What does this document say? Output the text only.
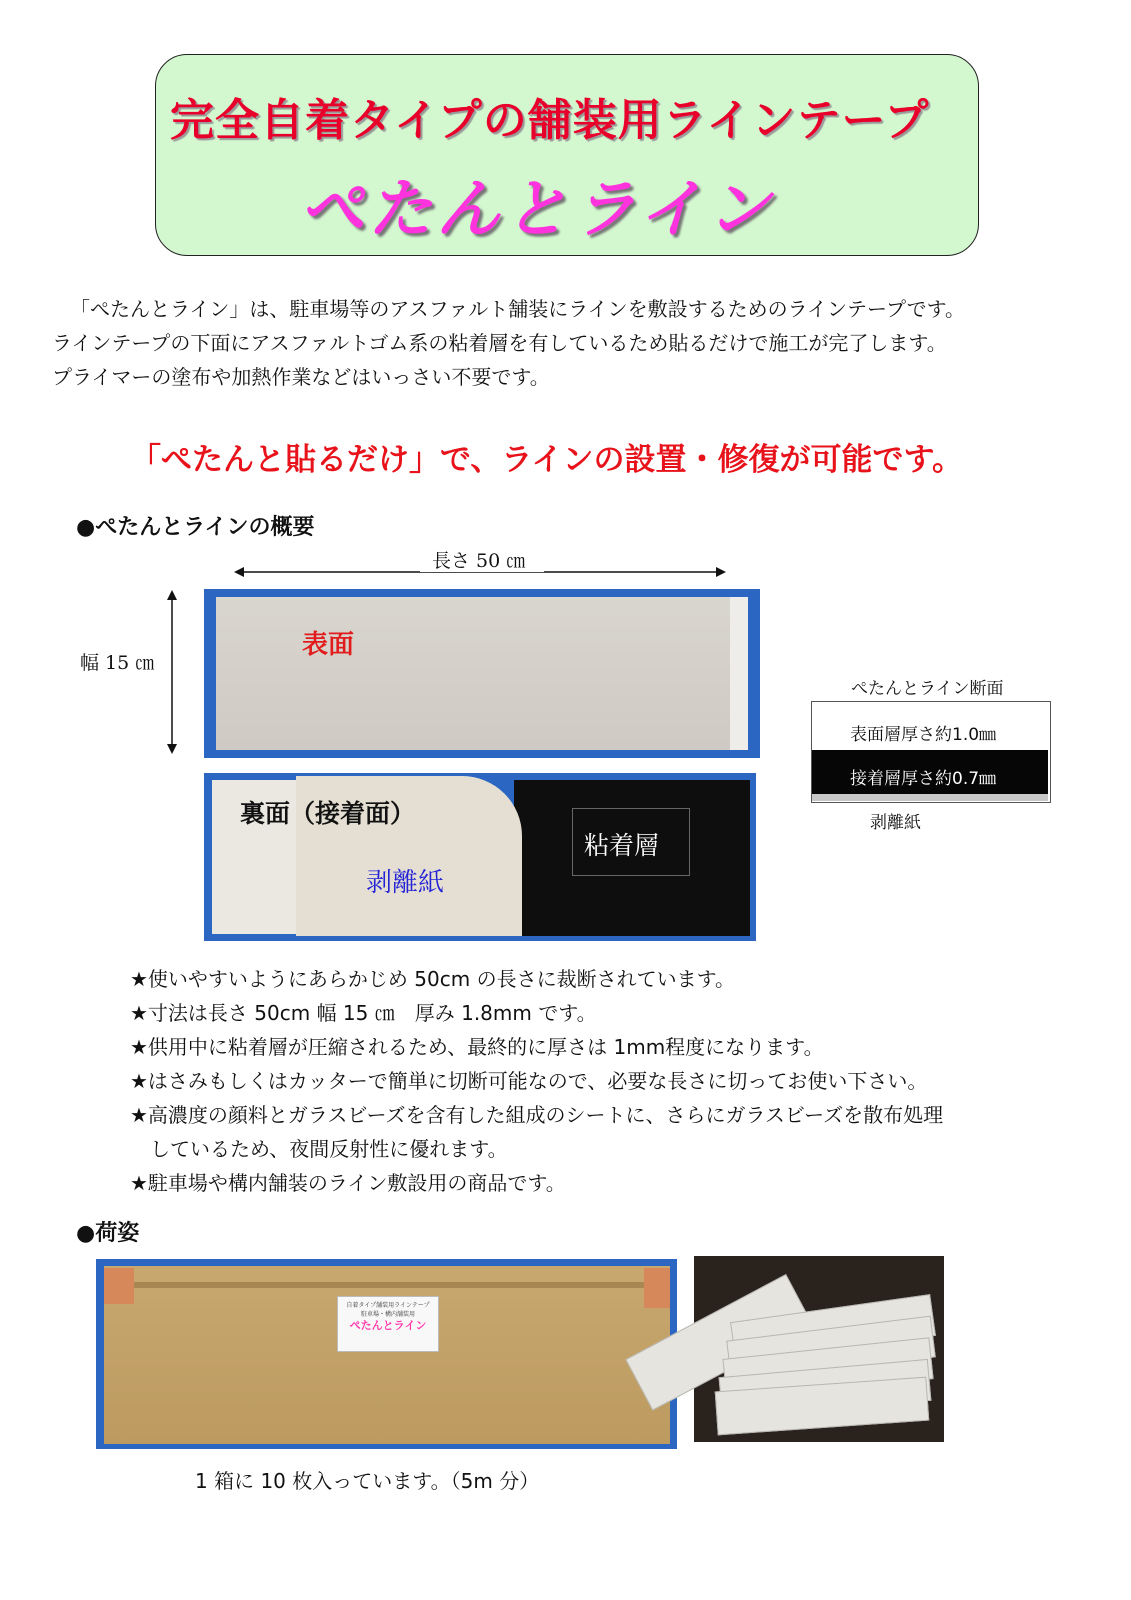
完全自着タイプの舗装用ラインテープ
ぺたんとライン
「ぺたんとライン」は、駐車場等のアスファルト舗装にラインを敷設するためのラインテープです。
ラインテープの下面にアスファルトゴム系の粘着層を有しているため貼るだけで施工が完了します。
プライマーの塗布や加熱作業などはいっさい不要です。
「ぺたんと貼るだけ」で、ラインの設置・修復が可能です。
●ぺたんとラインの概要
長さ 50 ㎝
幅 15 ㎝
表面
裏面（接着面）
剥離紙
粘着層
ぺたんとライン断面
表面層厚さ約1.0㎜
接着層厚さ約0.7㎜
剥離紙
★使いやすいようにあらかじめ 50cm の長さに裁断されています。
★寸法は長さ 50cm 幅 15 ㎝　厚み 1.8mm です。
★供用中に粘着層が圧縮されるため、最終的に厚さは 1mm程度になります。
★はさみもしくはカッターで簡単に切断可能なので、必要な長さに切ってお使い下さい。
★高濃度の顔料とガラスビーズを含有した組成のシートに、さらにガラスビーズを散布処理
　しているため、夜間反射性に優れます。
★駐車場や構内舗装のライン敷設用の商品です。
●荷姿
自着タイプ舗装用ラインテープ
駐車場・構内舗装用
ぺたんとライン
1 箱に 10 枚入っています。（5m 分）
